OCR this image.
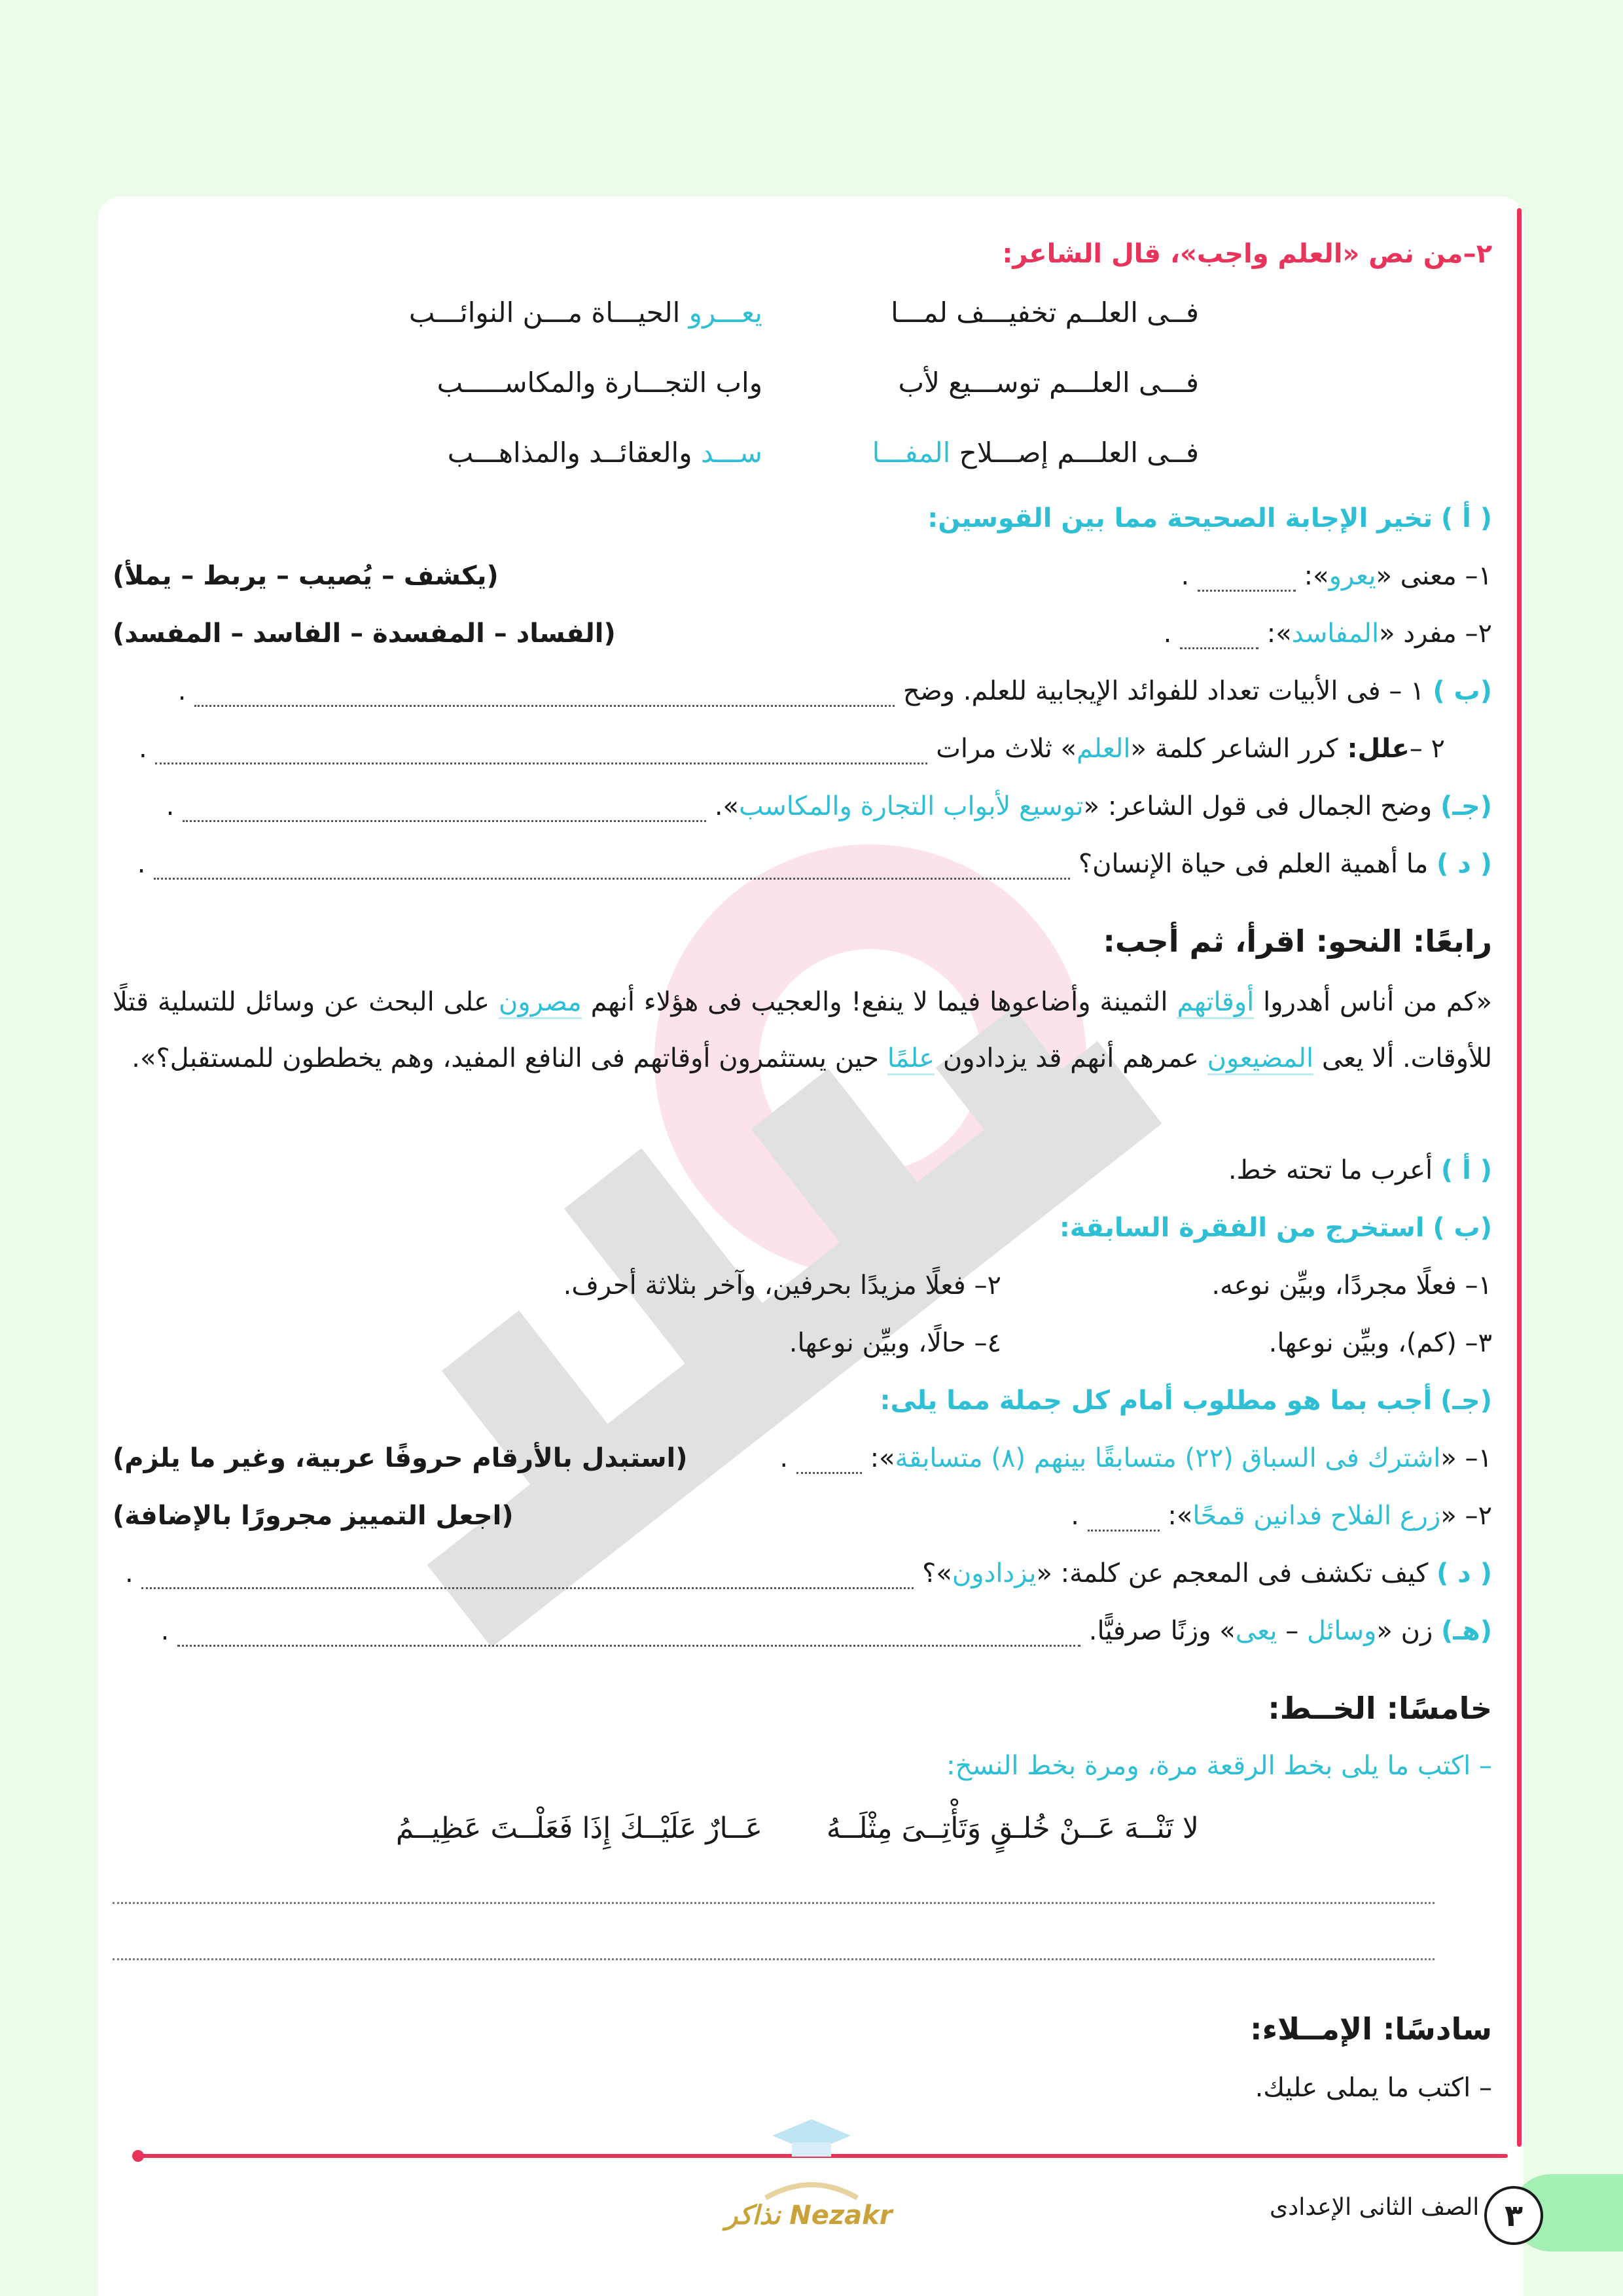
٢–من نص «العلم واجب»، قال الشاعر:
فــى العلــم تخفيـــف لمـــا
يعـــرو الحيـــاة مـــن النوائـــب
فـــى العلـــم توســـيع لأب
واب التجـــارة والمكاســـــب
فــى العلـــم إصـــلاح المفـــا
ســـد والعقائــد والمذاهـــب
( أ ) تخير الإجابة الصحيحة مما بين القوسين:
١– معنى «يعرو»:  .
(يكشف – يُصيب – يربط – يملأ)
٢– مفرد «المفاسد»:  .
(الفساد – المفسدة – الفاسد – المفسد)
(ب ) ١ – فى الأبيات تعداد للفوائد الإيجابية للعلم. وضح  .
٢ –علل: كرر الشاعر كلمة «العلم» ثلاث مرات  .
(جـ) وضح الجمال فى قول الشاعر: «توسيع لأبواب التجارة والمكاسب».  .
( د ) ما أهمية العلم فى حياة الإنسان؟  .
رابعًا: النحو: اقرأ، ثم أجب:
«كم من أناس أهدروا أوقاتهم الثمينة وأضاعوها فيما لا ينفع! والعجيب فى هؤلاء أنهم مصرون على البحث عن وسائل للتسلية قتلًا للأوقات. ألا يعى المضيعون عمرهم أنهم قد يزدادون علمًا حين يستثمرون أوقاتهم فى النافع المفيد، وهم يخططون للمستقبل؟».
( أ ) أعرب ما تحته خط.
(ب ) استخرج من الفقرة السابقة:
١– فعلًا مجردًا، وبيِّن نوعه.
٢– فعلًا مزيدًا بحرفين، وآخر بثلاثة أحرف.
٣– (كم)، وبيِّن نوعها.
٤– حالًا، وبيِّن نوعها.
(جـ) أجب بما هو مطلوب أمام كل جملة مما يلى:
١– «اشترك فى السباق (٢٢) متسابقًا بينهم (٨) متسابقة»:  .
(استبدل بالأرقام حروفًا عربية، وغير ما يلزم)
٢– «زرع الفلاح فدانين قمحًا»:  .
(اجعل التمييز مجرورًا بالإضافة)
( د ) كيف تكشف فى المعجم عن كلمة: «يزدادون»؟  .
(هـ) زن «وسائل – يعى» وزنًا صرفيًّا.  .
خامسًا: الخــط:
– اكتب ما يلى بخط الرقعة مرة، ومرة بخط النسخ:
لا تَنْــهَ عَــنْ خُلـقٍ وَتَأْتِــىَ مِثْلَــهُ
عَــارٌ عَلَيْــكَ إِذَا فَعَلْــتَ عَظِيــمُ
سادسًا: الإمــلاء:
– اكتب ما يملى عليك.
Nezakr نذاكر	الصف الثانى الإعدادى ٣
